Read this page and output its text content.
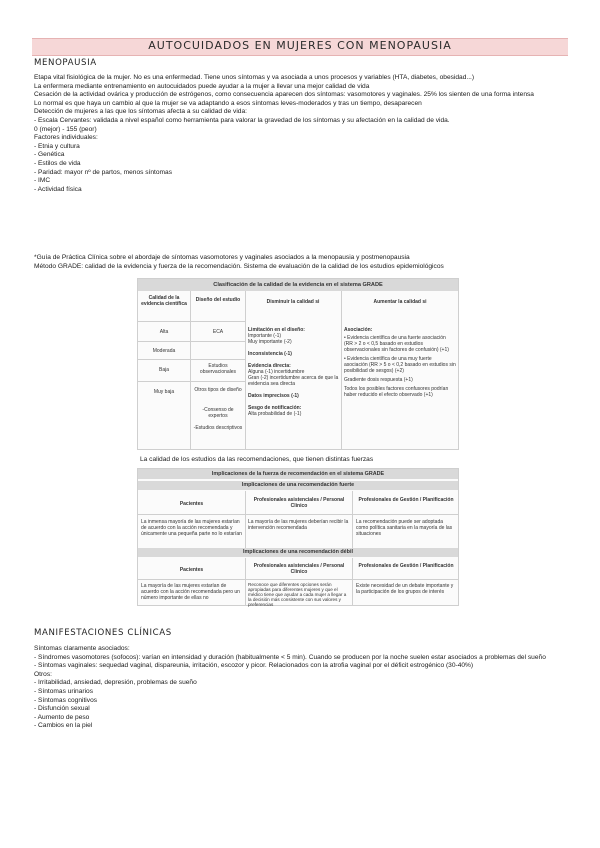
AUTOCUIDADOS EN MUJERES CON MENOPAUSIA
MENOPAUSIA

Etapa vital fisiológica de la mujer. No es una enfermedad. Tiene unos síntomas y va asociada a unos procesos y variables (HTA, diabetes, obesidad...)

La enfermera mediante entrenamiento en autocuidados puede ayudar a la mujer a llevar una mejor calidad de vida

Cesación de la actividad ovárica y producción de estrógenos, como consecuencia aparecen dos síntomas: vasomotores y vaginales. 25% los sienten de una forma intensa

Lo normal es que haya un cambio al que la mujer se va adaptando a esos síntomas leves-moderados y tras un tiempo, desaparecen

Detección de mujeres a las que los síntomas afecta a su calidad de vida:

- Escala Cervantes: validada a nivel español como herramienta para valorar la gravedad de los síntomas y su afectación en la calidad de vida.

0 (mejor) - 155 (peor)

Factores individuales:

- Etnia y cultura

- Genética

- Estilos de vida

- Paridad: mayor nº de partos, menos síntomas

- IMC

- Actividad física

*Guía de Práctica Clínica sobre el abordaje de síntomas vasomotores y vaginales asociados a la menopausia y postmenopausia

Método GRADE: calidad de la evidencia y fuerza de la recomendación. Sistema de evaluación de la calidad de los estudios epidemiológicos

Clasificación de la calidad de la evidencia en el sistema GRADE
Calidad de la evidencia científica
Diseño del estudio	Disminuir la calidad si	Aumentar la calidad si
Alta
Moderada
Baja
Muy baja
ECA
Estudios observacionales
Otros tipos de diseño
-Consenso de expertos
-Estudios descriptivos
Limitación en el diseño:
Importante (-1)
Muy importante (-2)
Inconsistencia (-1)
Evidencia directa:
Alguna (-1) incertidumbre
Gran (-2) incertidumbre acerca de que la evidencia sea directa
Datos imprecisos (-1)
Sesgo de notificación:
Alta probabilidad de (-1)
Asociación:
• Evidencia científica de una fuerte asociación (RR > 2 o < 0,5 basado en estudios observacionales sin factores de confusión) (+1)
• Evidencia científica de una muy fuerte asociación (RR > 5 o < 0,2 basado en estudios sin posibilidad de sesgos) (+2)
Gradiente dosis respuesta (+1)
Todos los posibles factores confusores podrían haber reducido el efecto observado (+1)
La calidad de los estudios da las recomendaciones, que tienen distintas fuerzas
Implicaciones de la fuerza de recomendación en el sistema GRADE
Implicaciones de una recomendación fuerte
Implicaciones de una recomendación débil
Pacientes
Profesionales asistenciales / Personal Clínico
Profesionales de Gestión / Planificación
La inmensa mayoría de las mujeres estarían de acuerdo con la acción recomendada y únicamente una pequeña parte no lo estarían
La mayoría de las mujeres deberían recibir la intervención recomendada
La recomendación puede ser adoptada como política sanitaria en la mayoría de las situaciones
Pacientes
Profesionales asistenciales / Personal Clínico
Profesionales de Gestión / Planificación
La mayoría de las mujeres estarían de acuerdo con la acción recomendada pero un número importante de ellas no
Reconoce que diferentes opciones serán apropiadas para diferentes mujeres y que el médico tiene que ayudar a cada mujer a llegar a la decisión más consistente con sus valores y preferencias
Existe necesidad de un debate importante y la participación de los grupos de interés
MANIFESTACIONES CLÍNICAS

Síntomas claramente asociados:

- Síndromes vasomotores (sofocos): varían en intensidad y duración (habitualmente < 5 min). Cuando se producen por la noche suelen estar asociados a problemas del sueño

- Síntomas vaginales: sequedad vaginal, dispareunia, irritación, escozor y picor. Relacionados con la atrofia vaginal por el déficit estrogénico (30-40%)

Otros:

- Irritabilidad, ansiedad, depresión, problemas de sueño

- Síntomas urinarios

- Síntomas cognitivos

- Disfunción sexual

- Aumento de peso

- Cambios en la piel
